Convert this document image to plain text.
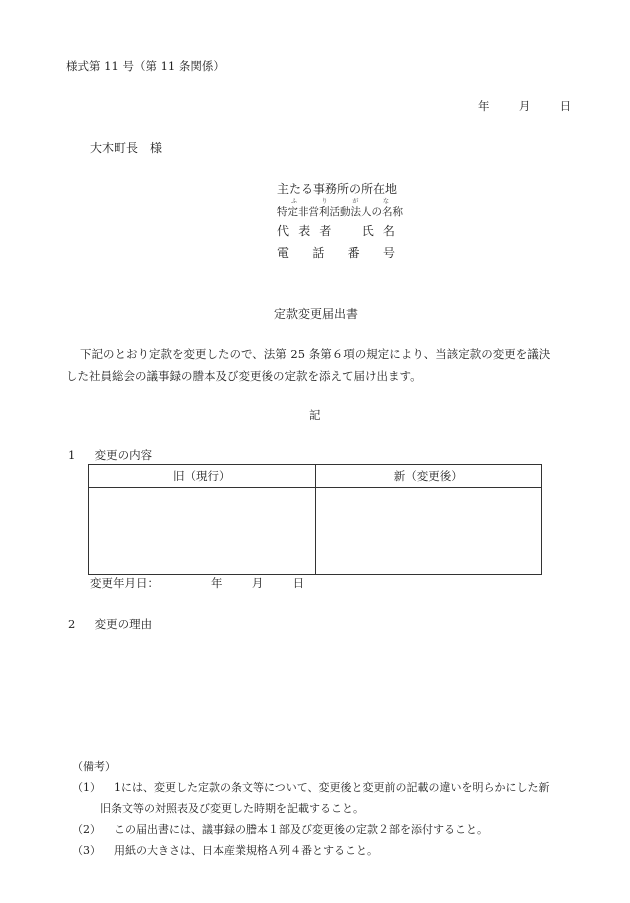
様式第 11 号（第 11 条関係）
年	月	日
大木町長　様
主たる事務所の所在地
ふ	り	が	な
特定非営利活動法人の名称
代 表 者	氏 名
電 話 番 号
定款変更届出書
下記のとおり定款を変更したので、法第 25 条第６項の規定により、当該定款の変更を議決
した社員総会の議事録の謄本及び変更後の定款を添えて届け出ます。
記
1 変更の内容
旧（現行）	新（変更後）

変更年月日：	年	月	日
2 変更の理由
（備考）
（1） 1には、変更した定款の条文等について、変更後と変更前の記載の違いを明らかにした新
旧条文等の対照表及び変更した時期を記載すること。
（2） この届出書には、議事録の謄本１部及び変更後の定款２部を添付すること。
（3） 用紙の大きさは、日本産業規格Ａ列４番とすること。
